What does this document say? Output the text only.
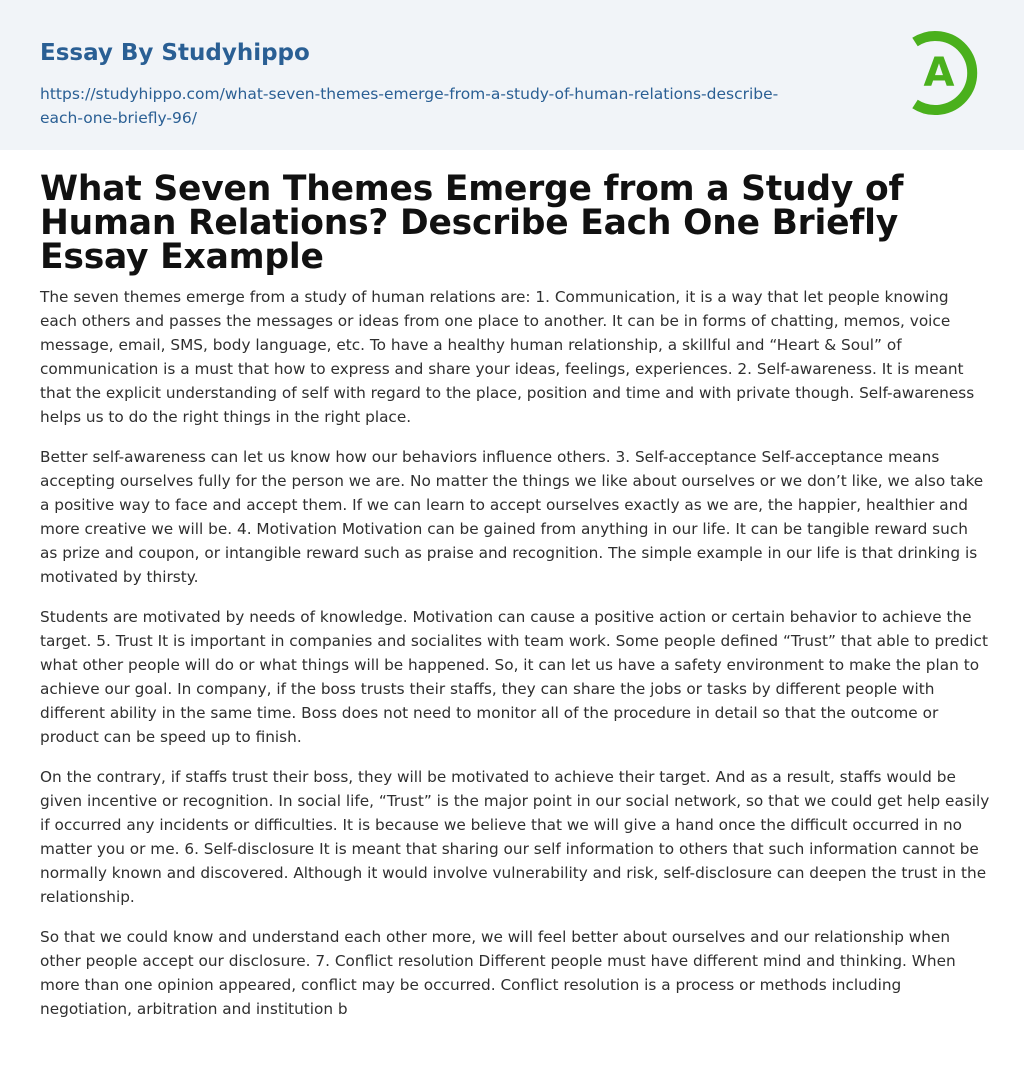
Essay By Studyhippo
https://studyhippo.com/what-seven-themes-emerge-from-a-study-of-human-relations-describe-each-one-briefly-96/
A
What Seven Themes Emerge from a Study of Human Relations? Describe Each One Briefly Essay Example

The seven themes emerge from a study of human relations are: 1. Communication, it is a way that let people knowing each others and passes the messages or ideas from one place to another. It can be in forms of chatting, memos, voice message, email, SMS, body language, etc. To have a healthy human relationship, a skillful and “Heart & Soul” of communication is a must that how to express and share your ideas, feelings, experiences. 2. Self-awareness. It is meant that the explicit understanding of self with regard to the place, position and time and with private though. Self-awareness helps us to do the right things in the right place.

Better self-awareness can let us know how our behaviors influence others. 3. Self-acceptance Self-acceptance means accepting ourselves fully for the person we are. No matter the things we like about ourselves or we don’t like, we also take a positive way to face and accept them. If we can learn to accept ourselves exactly as we are, the happier, healthier and more creative we will be. 4. Motivation Motivation can be gained from anything in our life. It can be tangible reward such as prize and coupon, or intangible reward such as praise and recognition. The simple example in our life is that drinking is motivated by thirsty.

Students are motivated by needs of knowledge. Motivation can cause a positive action or certain behavior to achieve the target. 5. Trust It is important in companies and socialites with team work. Some people defined “Trust” that able to predict what other people will do or what things will be happened. So, it can let us have a safety environment to make the plan to achieve our goal. In company, if the boss trusts their staffs, they can share the jobs or tasks by different people with different ability in the same time. Boss does not need to monitor all of the procedure in detail so that the outcome or product can be speed up to finish.

On the contrary, if staffs trust their boss, they will be motivated to achieve their target. And as a result, staffs would be given incentive or recognition. In social life, “Trust” is the major point in our social network, so that we could get help easily if occurred any incidents or difficulties. It is because we believe that we will give a hand once the difficult occurred in no matter you or me. 6. Self-disclosure It is meant that sharing our self information to others that such information cannot be normally known and discovered. Although it would involve vulnerability and risk, self-disclosure can deepen the trust in the relationship.

So that we could know and understand each other more, we will feel better about ourselves and our relationship when other people accept our disclosure. 7. Conflict resolution Different people must have different mind and thinking. When more than one opinion appeared, conflict may be occurred. Conflict resolution is a process or methods including negotiation, arbitration and institution b
